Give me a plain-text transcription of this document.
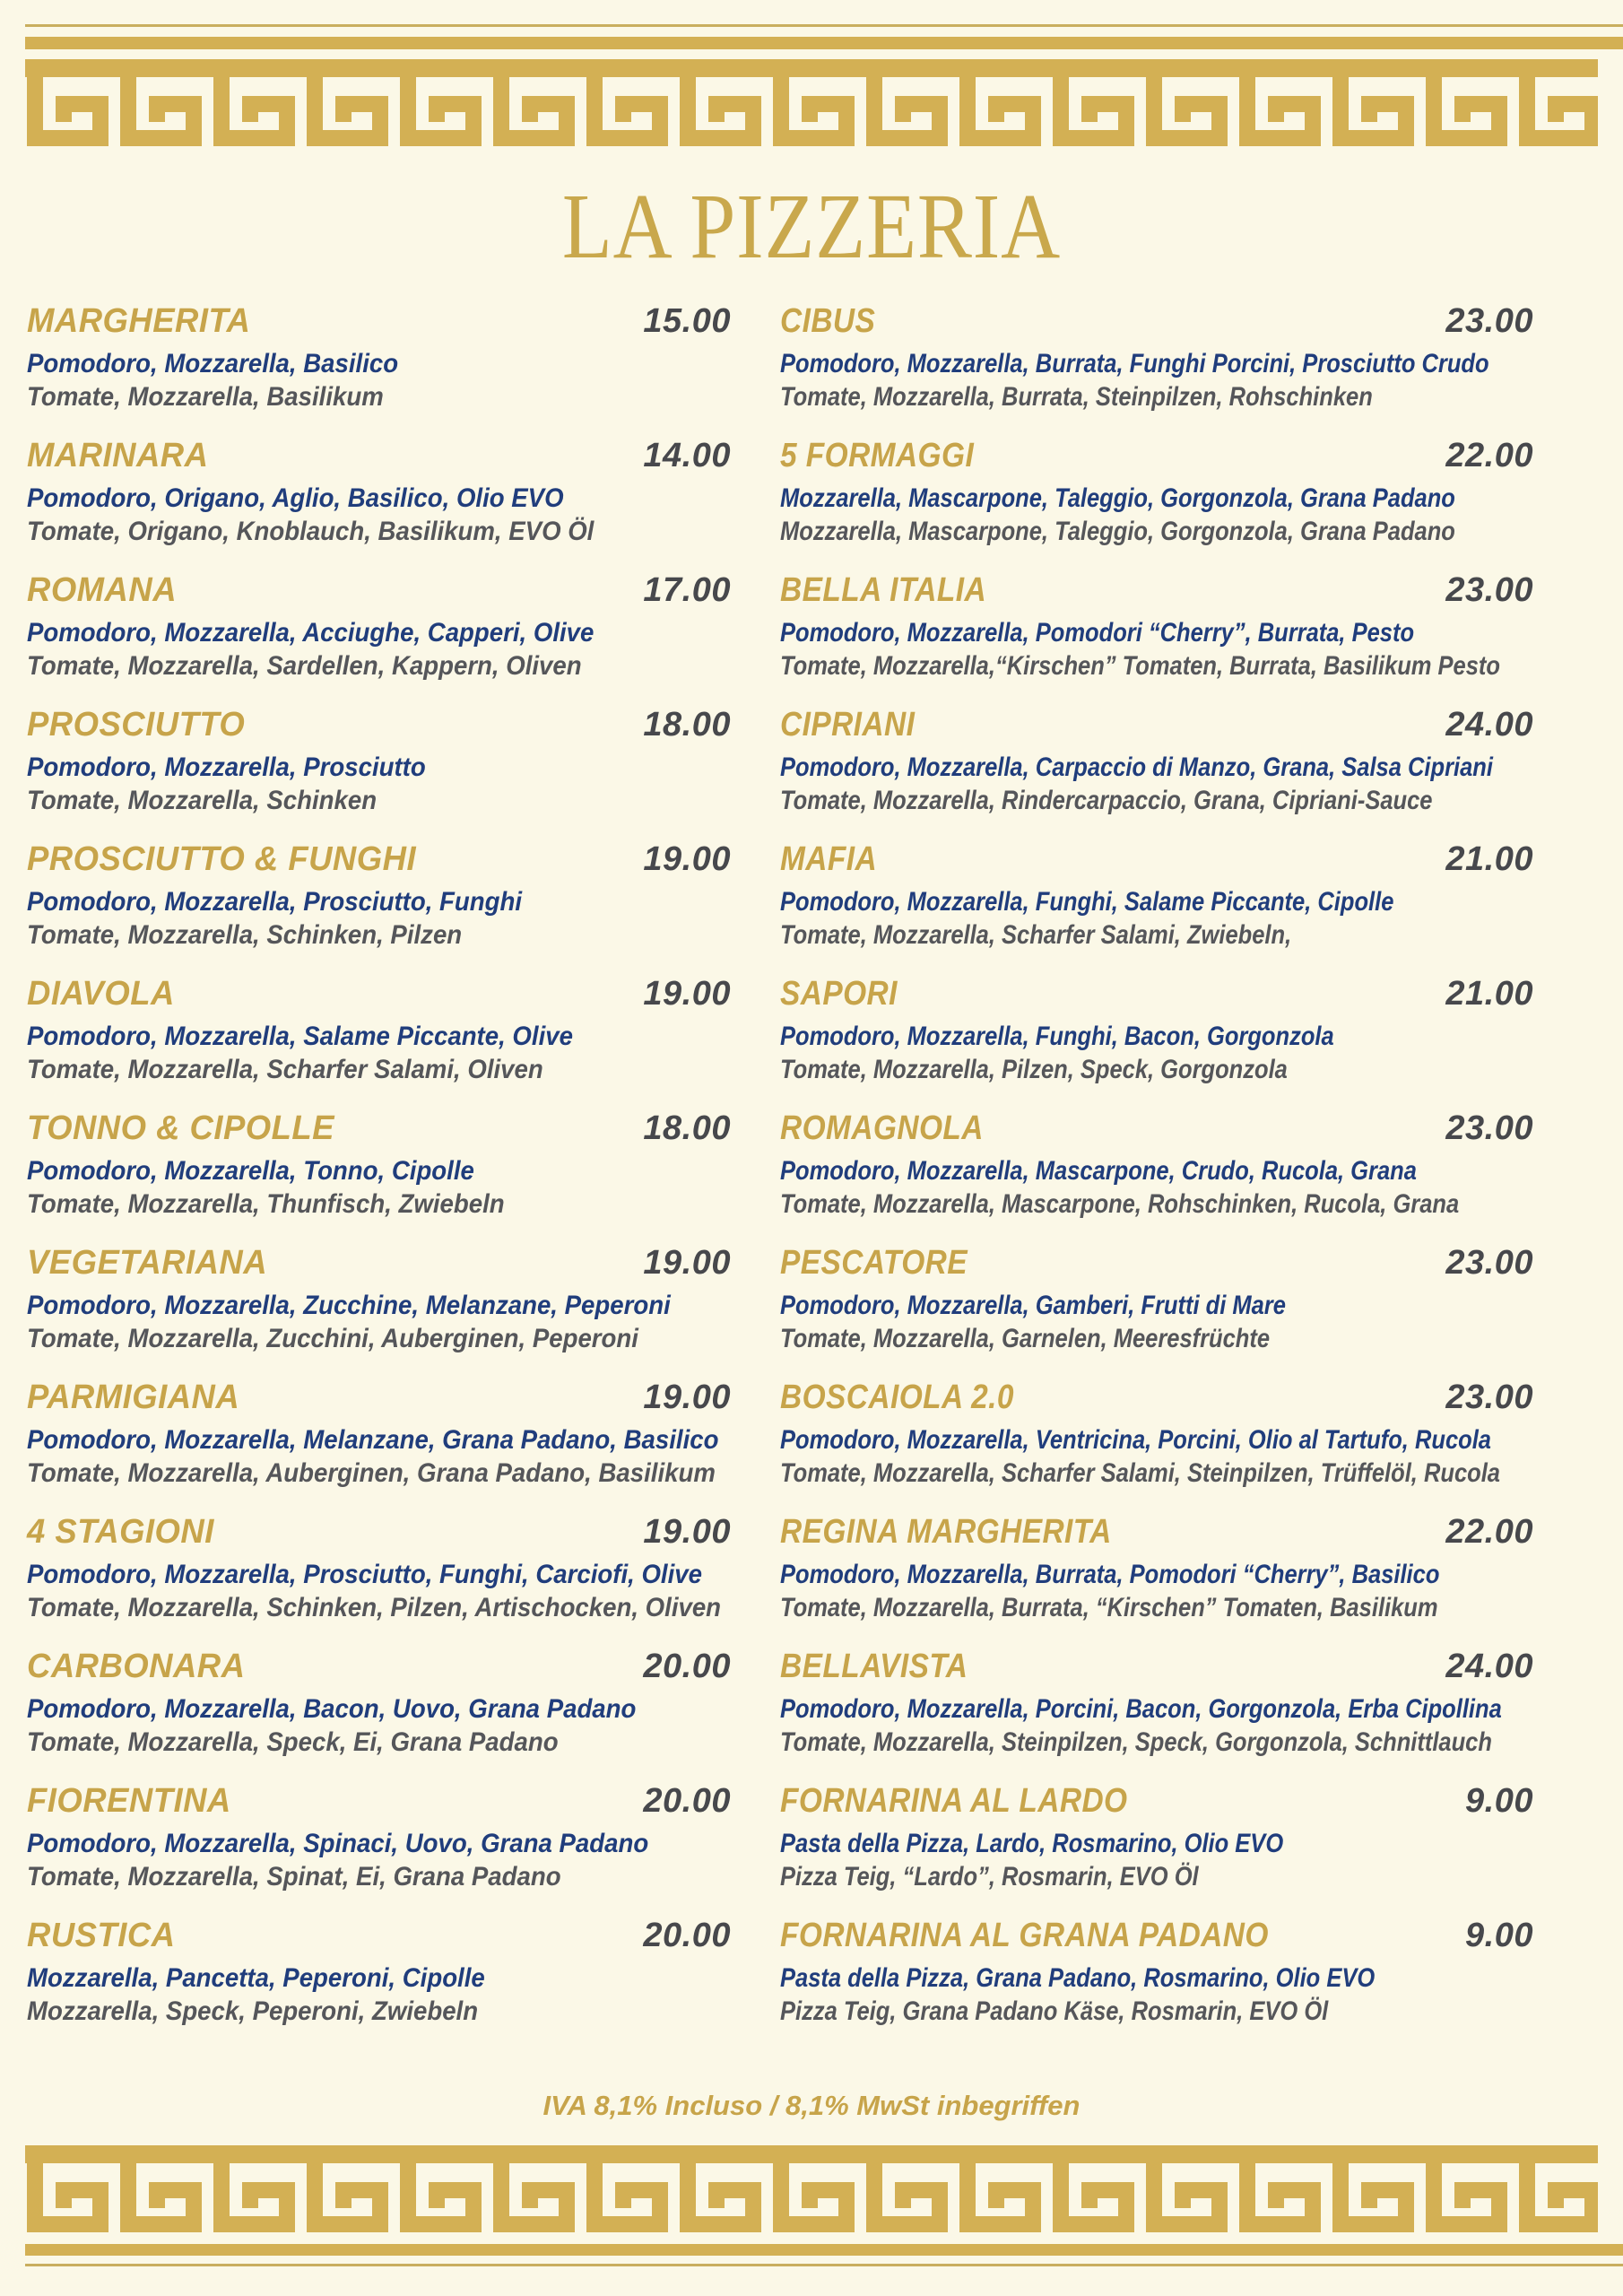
LA PIZZERIA
MARGHERITA	15.00
Pomodoro, Mozzarella, Basilico
Tomate, Mozzarella, Basilikum
MARINARA	14.00
Pomodoro, Origano, Aglio, Basilico, Olio EVO
Tomate, Origano, Knoblauch, Basilikum, EVO Öl
ROMANA	17.00
Pomodoro, Mozzarella, Acciughe, Capperi, Olive
Tomate, Mozzarella, Sardellen, Kappern, Oliven
PROSCIUTTO	18.00
Pomodoro, Mozzarella, Prosciutto
Tomate, Mozzarella, Schinken
PROSCIUTTO & FUNGHI	19.00
Pomodoro, Mozzarella, Prosciutto, Funghi
Tomate, Mozzarella, Schinken, Pilzen
DIAVOLA	19.00
Pomodoro, Mozzarella, Salame Piccante, Olive
Tomate, Mozzarella, Scharfer Salami, Oliven
TONNO & CIPOLLE	18.00
Pomodoro, Mozzarella, Tonno, Cipolle
Tomate, Mozzarella, Thunfisch, Zwiebeln
VEGETARIANA	19.00
Pomodoro, Mozzarella, Zucchine, Melanzane, Peperoni
Tomate, Mozzarella, Zucchini, Auberginen, Peperoni
PARMIGIANA	19.00
Pomodoro, Mozzarella, Melanzane, Grana Padano, Basilico
Tomate, Mozzarella, Auberginen, Grana Padano, Basilikum
4 STAGIONI	19.00
Pomodoro, Mozzarella, Prosciutto, Funghi, Carciofi, Olive
Tomate, Mozzarella, Schinken, Pilzen, Artischocken, Oliven
CARBONARA	20.00
Pomodoro, Mozzarella, Bacon, Uovo, Grana Padano
Tomate, Mozzarella, Speck, Ei, Grana Padano
FIORENTINA	20.00
Pomodoro, Mozzarella, Spinaci, Uovo, Grana Padano
Tomate, Mozzarella, Spinat, Ei, Grana Padano
RUSTICA	20.00
Mozzarella, Pancetta, Peperoni, Cipolle
Mozzarella, Speck, Peperoni, Zwiebeln
CIBUS	23.00
Pomodoro, Mozzarella, Burrata, Funghi Porcini, Prosciutto Crudo
Tomate, Mozzarella, Burrata, Steinpilzen, Rohschinken
5 FORMAGGI	22.00
Mozzarella, Mascarpone, Taleggio, Gorgonzola, Grana Padano
Mozzarella, Mascarpone, Taleggio, Gorgonzola, Grana Padano
BELLA ITALIA	23.00
Pomodoro, Mozzarella, Pomodori “Cherry”, Burrata, Pesto
Tomate, Mozzarella,“Kirschen” Tomaten, Burrata, Basilikum Pesto
CIPRIANI	24.00
Pomodoro, Mozzarella, Carpaccio di Manzo, Grana, Salsa Cipriani
Tomate, Mozzarella, Rindercarpaccio, Grana, Cipriani-Sauce
MAFIA	21.00
Pomodoro, Mozzarella, Funghi, Salame Piccante, Cipolle
Tomate, Mozzarella, Scharfer Salami, Zwiebeln,
SAPORI	21.00
Pomodoro, Mozzarella, Funghi, Bacon, Gorgonzola
Tomate, Mozzarella, Pilzen, Speck, Gorgonzola
ROMAGNOLA	23.00
Pomodoro, Mozzarella, Mascarpone, Crudo, Rucola, Grana
Tomate, Mozzarella, Mascarpone, Rohschinken, Rucola, Grana
PESCATORE	23.00
Pomodoro, Mozzarella, Gamberi, Frutti di Mare
Tomate, Mozzarella, Garnelen, Meeresfrüchte
BOSCAIOLA 2.0	23.00
Pomodoro, Mozzarella, Ventricina, Porcini, Olio al Tartufo, Rucola
Tomate, Mozzarella, Scharfer Salami, Steinpilzen, Trüffelöl, Rucola
REGINA MARGHERITA	22.00
Pomodoro, Mozzarella, Burrata, Pomodori “Cherry”, Basilico
Tomate, Mozzarella, Burrata, “Kirschen” Tomaten, Basilikum
BELLAVISTA	24.00
Pomodoro, Mozzarella, Porcini, Bacon, Gorgonzola, Erba Cipollina
Tomate, Mozzarella, Steinpilzen, Speck, Gorgonzola, Schnittlauch
FORNARINA AL LARDO	9.00
Pasta della Pizza, Lardo, Rosmarino, Olio EVO
Pizza Teig, “Lardo”, Rosmarin, EVO Öl
FORNARINA AL GRANA PADANO	9.00
Pasta della Pizza, Grana Padano, Rosmarino, Olio EVO
Pizza Teig, Grana Padano Käse, Rosmarin, EVO Öl
IVA 8,1% Incluso / 8,1% MwSt inbegriffen
